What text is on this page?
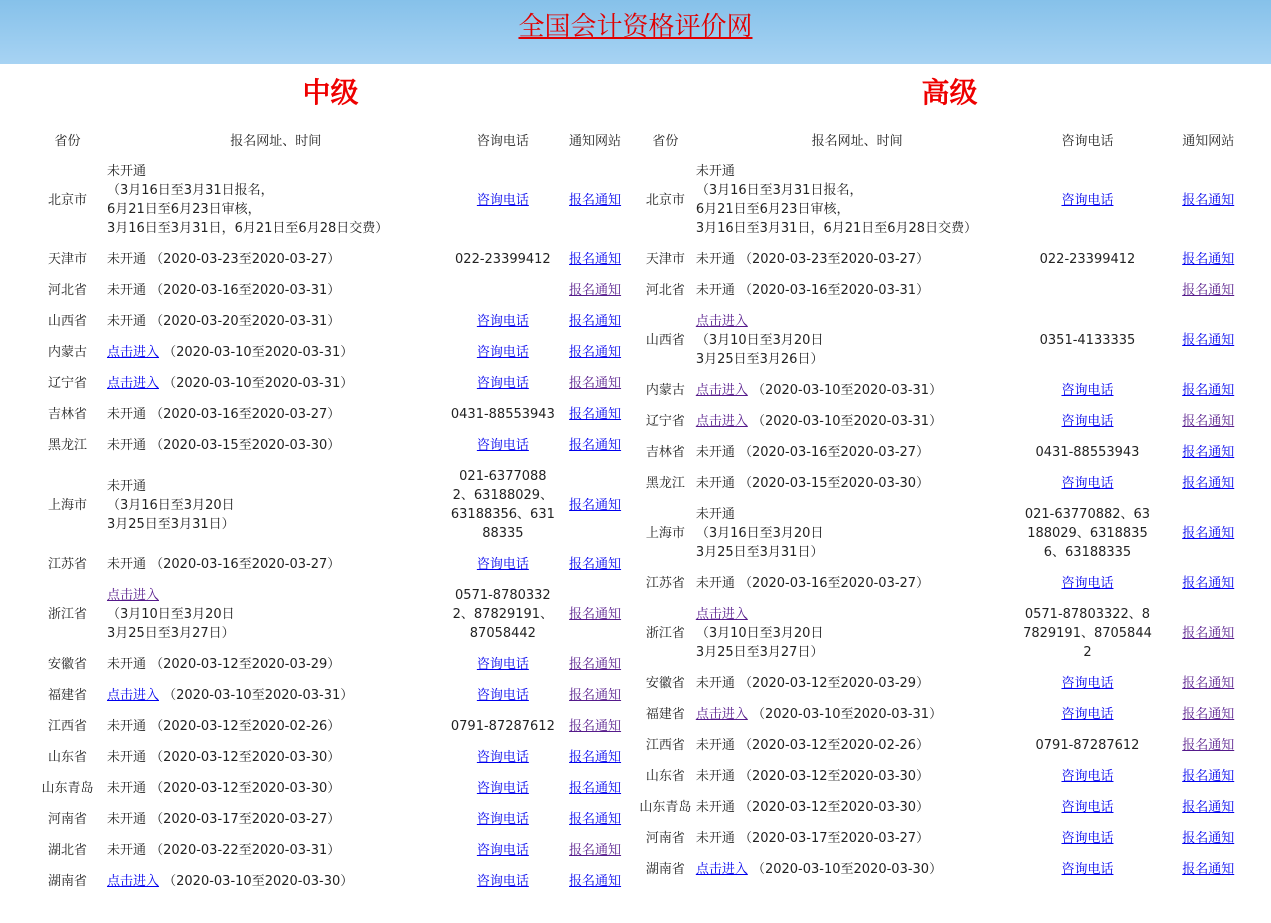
全国会计资格评价网
中级
省份	报名网址、时间	咨询电话	通知网站
北京市	未开通
（3月16日至3月31日报名，
6月21日至6月23日审核，
3月16日至3月31日，6月21日至6月28日交费）	咨询电话	报名通知
天津市	未开通 （2020-03-23至2020-03-27）	022-23399412	报名通知
河北省	未开通 （2020-03-16至2020-03-31）		报名通知
山西省	未开通 （2020-03-20至2020-03-31）	咨询电话	报名通知
内蒙古	点击进入 （2020-03-10至2020-03-31）	咨询电话	报名通知
辽宁省	点击进入 （2020-03-10至2020-03-31）	咨询电话	报名通知
吉林省	未开通 （2020-03-16至2020-03-27）	0431-88553943	报名通知
黑龙江	未开通 （2020-03-15至2020-03-30）	咨询电话	报名通知
上海市	未开通
（3月16日至3月20日
3月25日至3月31日）	021-63770882、63188029、63188356、63188335	报名通知
江苏省	未开通 （2020-03-16至2020-03-27）	咨询电话	报名通知
浙江省	点击进入
（3月10日至3月20日
3月25日至3月27日）	0571-87803322、87829191、87058442	报名通知
安徽省	未开通 （2020-03-12至2020-03-29）	咨询电话	报名通知
福建省	点击进入 （2020-03-10至2020-03-31）	咨询电话	报名通知
江西省	未开通 （2020-03-12至2020-02-26）	0791-87287612	报名通知
山东省	未开通 （2020-03-12至2020-03-30）	咨询电话	报名通知
山东青岛	未开通 （2020-03-12至2020-03-30）	咨询电话	报名通知
河南省	未开通 （2020-03-17至2020-03-27）	咨询电话	报名通知
湖北省	未开通 （2020-03-22至2020-03-31）	咨询电话	报名通知
湖南省	点击进入 （2020-03-10至2020-03-30）	咨询电话	报名通知
高级
省份	报名网址、时间	咨询电话	通知网站
北京市	未开通
（3月16日至3月31日报名，
6月21日至6月23日审核，
3月16日至3月31日，6月21日至6月28日交费）	咨询电话	报名通知
天津市	未开通 （2020-03-23至2020-03-27）	022-23399412	报名通知
河北省	未开通 （2020-03-16至2020-03-31）		报名通知
山西省	点击进入
（3月10日至3月20日
3月25日至3月26日）	0351-4133335	报名通知
内蒙古	点击进入 （2020-03-10至2020-03-31）	咨询电话	报名通知
辽宁省	点击进入 （2020-03-10至2020-03-31）	咨询电话	报名通知
吉林省	未开通 （2020-03-16至2020-03-27）	0431-88553943	报名通知
黑龙江	未开通 （2020-03-15至2020-03-30）	咨询电话	报名通知
上海市	未开通
（3月16日至3月20日
3月25日至3月31日）	021-63770882、63188029、63188356、63188335	报名通知
江苏省	未开通 （2020-03-16至2020-03-27）	咨询电话	报名通知
浙江省	点击进入
（3月10日至3月20日
3月25日至3月27日）	0571-87803322、87829191、87058442	报名通知
安徽省	未开通 （2020-03-12至2020-03-29）	咨询电话	报名通知
福建省	点击进入 （2020-03-10至2020-03-31）	咨询电话	报名通知
江西省	未开通 （2020-03-12至2020-02-26）	0791-87287612	报名通知
山东省	未开通 （2020-03-12至2020-03-30）	咨询电话	报名通知
山东青岛	未开通 （2020-03-12至2020-03-30）	咨询电话	报名通知
河南省	未开通 （2020-03-17至2020-03-27）	咨询电话	报名通知
湖南省	点击进入 （2020-03-10至2020-03-30）	咨询电话	报名通知
